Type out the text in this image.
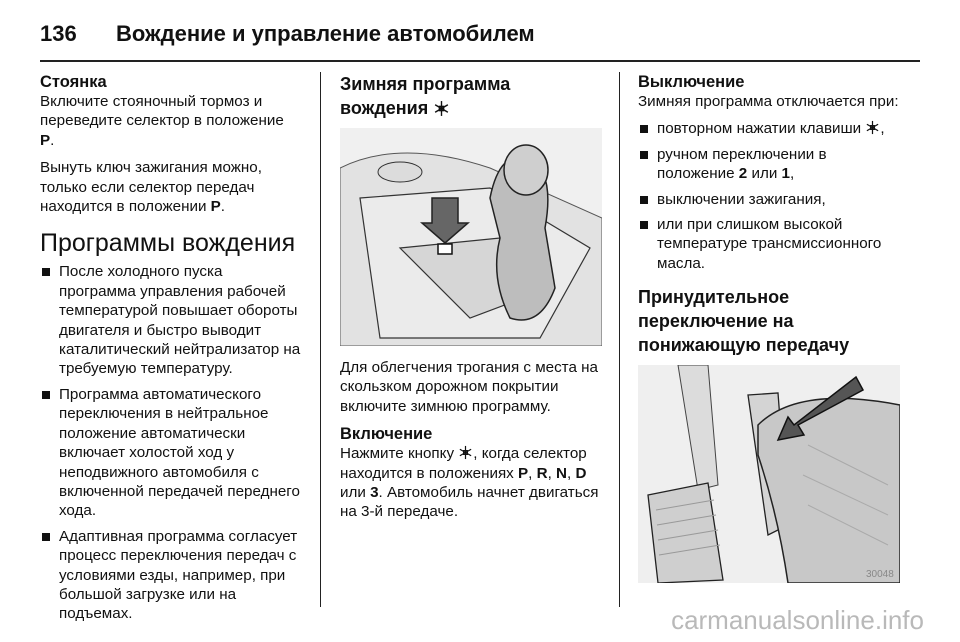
136	Вождение и управление автомобилем
Стоянка

Включите стояночный тормоз и переведите селектор в положение P.

Вынуть ключ зажигания можно, только если селектор передач находится в положении P.

Программы вождения
После холодного пуска программа управления рабочей температурой повышает обороты двигателя и быстро выводит каталитический нейтрализатор на требуемую температуру.
Программа автоматического переключения в нейтральное положение автоматически включает холостой ход у неподвижного автомобиля с включенной передачей переднего хода.
Адаптивная программа согласует процесс переключения передач с условиями езды, например, при большой загрузке или на подъемах.
Зимняя программа вождения

Для облегчения трогания с места на скользком дорожном покрытии включите зимнюю программу.

Включение

Нажмите кнопку , когда селектор находится в положениях P, R, N, D или 3. Автомобиль начнет двигаться на 3-й передаче.

Выключение

Зимняя программа отключается при:

повторном нажатии клавиши ,
ручном переключении в положение 2 или 1,
выключении зажигания,
или при слишком высокой температуре трансмиссионного масла.
Принудительное переключение на понижающую передачу
30048
carmanualsonline.info
